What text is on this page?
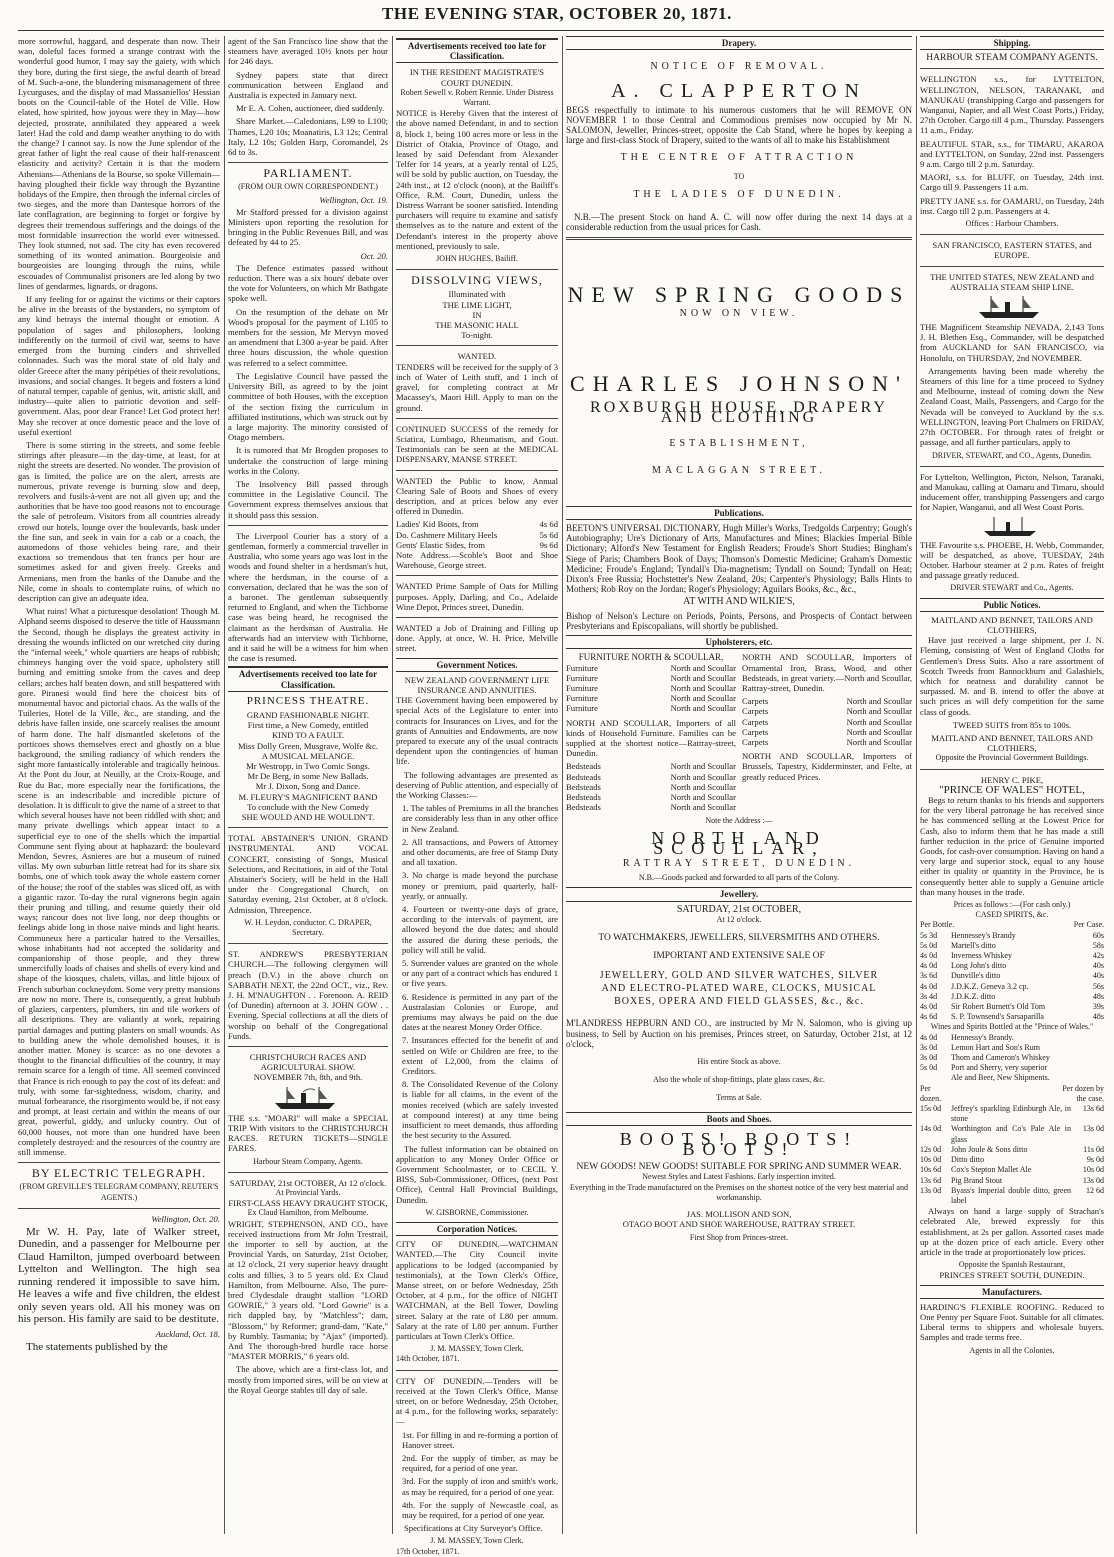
THE EVENING STAR, OCTOBER 20, 1871.

more sorrowful, haggard, and desperate than now. Their wan, doleful faces formed a strange contrast with the wonderful good humor, I may say the gaiety, with which they bore, during the first siege, the awful dearth of bread of M. Such-a-one, the blundering mismanagement of three Lycurguses, and the display of mad Massaniellos' Hessian boots on the Council-table of the Hotel de Ville. How elated, how spirited, how joyous were they in May—how dejected, prostrate, annihilated they appeared a week later! Had the cold and damp weather anything to do with the change? I cannot say. Is now the June splendor of the great father of light the real cause of their half-renascent elasticity and activity? Certain it is that the modern Athenians—Athenians de la Bourse, so spoke Villemain—having ploughed their fickle way through the Byzantine holidays of the Empire, then through the infernal circles of two sieges, and the more than Dantesque horrors of the late conflagration, are beginning to forget or forgive by degrees their tremendous sufferings and the doings of the most formidable insurrection the world ever witnessed. They look stunned, not sad. The city has even recovered something of its wonted animation. Bourgeoisie and bourgeoisies are lounging through the ruins, while escouades of Communalist prisoners are led along by two lines of gendarmes, lignards, or dragons.

If any feeling for or against the victims or their captors be alive in the breasts of the bystanders, no symptom of any kind betrays the internal thought or emotion. A population of sages and philosophers, looking indifferently on the turmoil of civil war, seems to have emerged from the burning cinders and shrivelled colonnades. Such was the moral state of old Italy and older Greece after the many péripéties of their revolutions, invasions, and social changes. It begets and fosters a kind of natural temper, capable of genius, wit, artistic skill, and industry—quite alien to patriotic devotion and self-government. Alas, poor dear France! Let God protect her! May she recover at once domestic peace and the love of useful exertion!

There is some stirring in the streets, and some feeble stirrings after pleasure—in the day-time, at least, for at night the streets are deserted. No wonder. The provision of gas is limited, the police are on the alert, arrests are numerous, private revenge is burning slow and deep, revolvers and fusils-à-vent are not all given up; and the authorities that be have too good reasons not to encourage the sale of petroleum. Visitors from all countries already crowd our hotels, lounge over the boulevards, bask under the fine sun, and seek in vain for a cab or a coach, the automedons of those vehicles being rare, and their exactions so tremendous that ten francs per hour are sometimes asked for and given freely. Greeks and Armenians, men from the banks of the Danube and the Nile, come in shoals to contemplate ruins, of which no description can give an adequate idea.

What ruins! What a picturesque desolation! Though M. Alphand seems disposed to deserve the title of Haussmann the Second, though he displays the greatest activity in dressing the wounds inflicted on our wretched city during the "infernal week," whole quartiers are heaps of rubbish; chimneys hanging over the void space, upholstery still burning and emitting smoke from the caves and deep cellars; arches half beaten down, and still bespattered with gore. Piranesi would find here the choicest bits of monumental havoc and pictorial chaos. As the walls of the Tuileries, Hotel de la Ville, &c., are standing, and the debris have fallen inside, one scarcely realises the amount of harm done. The half dismantled skeletons of the porticoes shows themselves erect and ghostly on a blue background, the smiling radiancy of which renders the sight more fantastically intolerable and tragically heinous. At the Pont du Jour, at Neuilly, at the Croix-Rouge, and Rue du Bac, more especially near the fortifications, the scene is an indescribable and incredible picture of desolation. It is difficult to give the name of a street to that which several houses have not been riddled with shot; and many private dwellings which appear intact to a superficial eye to one of the shells which the impartial Commune sent flying about at haphazard: the boulevard Mendon, Sevres, Asnieres are but a museum of ruined villas. My own suburban little retreat had for its share six bombs, one of which took away the whole eastern corner of the house; the roof of the stables was sliced off, as with a gigantic razor. To-day the rural vignerons begin again their pruning and tilling, and resume quietly their old ways; rancour does not live long, nor deep thoughts or feelings abide long in those naive minds and light hearts. Communeux here a particular hatred to the Versailles, whose inhabitants had not accepted the solidarity and companionship of those people, and they threw unmercifully loads of chaises and shells of every kind and shape of the kiosques, chalets, villas, and little bijoux of French suburban cockneydom. Some very pretty mansions are now no more. There is, consequently, a great hubbub of glaziers, carpenters, plumbers, tin and tile workers of all descriptions. They are valiantly at work, repairing partial damages and putting plasters on small wounds. As to building anew the whole demolished houses, it is another matter. Money is scarce: as no one devotes a thought to the financial difficulties of the country, it may remain scarce for a length of time. All seemed convinced that France is rich enough to pay the cost of its defeat: and truly, with some far-sightedness, wisdom, charity, and mutual forbearance, the risorgimento would be, if not easy and prompt, at least certain and within the means of our great, powerful, giddy, and unlucky country. Out of 60,000 houses, not more than one hundred have been completely destroyed: and the resources of the country are still immense.

BY ELECTRIC TELEGRAPH.
(FROM GREVILLE'S TELEGRAM COMPANY, REUTER'S AGENTS.)
Wellington, Oct. 20.

Mr W. H. Pay, late of Walker street, Dunedin, and a passenger for Melbourne per Claud Hamilton, jumped overboard between Lyttelton and Wellington. The high sea running rendered it impossible to save him. He leaves a wife and five children, the eldest only seven years old. All his money was on his person. His family are said to be destitute.

Auckland, Oct. 18.

The statements published by the

agent of the San Francisco line show that the steamers have averaged 10½ knots per hour for 246 days.

Sydney papers state that direct communication between England and Australia is expected in January next.

Mr E. A. Cohen, auctioneer, died suddenly.

Share Market.—Caledonians, L99 to L100; Thames, L20 10s; Moanatiris, L3 12s; Central Italy, L2 10s; Golden Harp, Coromandel, 2s 6d to 3s.

PARLIAMENT.
(FROM OUR OWN CORRESPONDENT.)
Wellington, Oct. 19.

Mr Stafford pressed for a division against Ministers upon reporting the resolution for bringing in the Public Revenues Bill, and was defeated by 44 to 25.

Oct. 20.

The Defence estimates passed without reduction. There was a six hours' debate over the vote for Volunteers, on which Mr Bathgate spoke well.

On the resumption of the debate on Mr Wood's proposal for the payment of L105 to members for the session, Mr Mervyn moved an amendment that L300 a-year be paid. After three hours discussion, the whole question was referred to a select committee.

The Legislative Council have passed the University Bill, as agreed to by the joint committee of both Houses, with the exception of the section fixing the curriculum in affiliated institutions, which was struck out by a large majority. The minority consisted of Otago members.

It is rumored that Mr Brogden proposes to undertake the construction of large mining works in the Colony.

The Insolvency Bill passed through committee in the Legislative Council. The Government express themselves anxious that it should pass this session.

The Liverpool Courier has a story of a gentleman, formerly a commercial traveller in Australia, who some years ago was lost in the woods and found shelter in a herdsman's hut, where the herdsman, in the course of a conversation, declared that he was the son of a baronet. The gentleman subsequently returned to England, and when the Tichborne case was being heard, he recognised the claimant as the herdsman of Australia. He afterwards had an interview with Tichborne, and it said he will be a witness for him when the case is resumed.

Advertisements received too late for Classification.
PRINCESS THEATRE.
GRAND FASHIONABLE NIGHT.
First time, a New Comedy, entitled
KIND TO A FAULT.
Miss Dolly Green, Musgrave, Wolfe &c.
A MUSICAL MELANGE.
Mr Westropp, in Two Comic Songs.
Mr De Berg, in some New Ballads.
Mr J. Dixon, Song and Dance.
M. FLEURY'S MAGNIFICENT BAND
To conclude with the New Comedy
SHE WOULD AND HE WOULDN'T.

TOTAL ABSTAINER'S UNION. GRAND INSTRUMENTAL AND VOCAL CONCERT, consisting of Songs, Musical Selections, and Recitations, in aid of the Total Abstainer's Society, will be held in the Hall under the Congregational Church, on Saturday evening, 21st October, at 8 o'clock. Admission, Threepence.

W. H. Leydon, conductor. C. DRAPER, Secretary.

ST. ANDREW'S PRESBYTERIAN CHURCH.—The following clergymen will preach (D.V.) in the above church on SABBATH NEXT, the 22nd OCT., viz., Rev. J. H. M'NAUGHTON . . Forenoon. A. REID (of Dunedin) afternoon at 3. JOHN GOW . . Evening. Special collections at all the diets of worship on behalf of the Congregational Funds.

CHRISTCHURCH RACES AND AGRICULTURAL SHOW.
NOVEMBER 7th, 8th, and 9th.

THE s.s. "MOARI" will make a SPECIAL TRIP With visitors to the CHRISTCHURCH RACES. RETURN TICKETS—SINGLE FARES.

Harbour Steam Company, Agents.
SATURDAY, 21st OCTOBER, At 12 o'clock.
At Provincial Yards.
FIRST-CLASS HEAVY DRAUGHT STOCK,
Ex Claud Hamilton, from Melbourne.

WRIGHT, STEPHENSON, AND CO., have received instructions from Mr John Trestrail, the importer to sell by auction, at the Provincial Yards, on Saturday, 21st October, at 12 o'clock, 21 very superior heavy draught colts and fillies, 3 to 5 years old. Ex Claud Hamilton, from Melbourne. Also, The pure-bred Clydesdale draught stallion "LORD GOWRIE," 3 years old. "Lord Gowrie" is a rich dappled bay, by "Matchless"; dam, "Blossom," by Reformer; grand-dam, "Kate," by Rumbly. Tasmania; by "Ajax" (imported). And The thorough-bred hurdle race horse "MASTER MORRIS," 6 years old.

The above, which are a first-class lot, and mostly from imported sires, will be on view at the Royal George stables till day of sale.

Advertisements received too late for Classification.
IN THE RESIDENT MAGISTRATE'S COURT DUNEDIN.
Robert Sewell v. Robert Rennie. Under Distress Warrant.

NOTICE is Hereby Given that the interest of the above named Defendant, in and to section 8, block 1, being 100 acres more or less in the District of Otakia, Province of Otago, and leased by said Defendant from Alexander Telfer for 14 years, at a yearly rental of L25, will be sold by public auction, on Tuesday, the 24th inst., at 12 o'clock (noon), at the Bailiff's Office, R.M. Court, Dunedin, unless the Distress Warrant be sooner satisfied. Intending purchasers will require to examine and satisfy themselves as to the nature and extent of the Defendant's interest in the property above mentioned, previously to sale.

JOHN HUGHES, Bailiff.
DISSOLVING VIEWS,
Illuminated with
THE LIME LIGHT,
IN
THE MASONIC HALL
To-night.
WANTED.

TENDERS will be received for the supply of 3 inch of Water of Leith stuff, and 1 inch of gravel, for completing contract at Mr Macassey's, Maori Hill. Apply to man on the ground.

CONTINUED SUCCESS of the remedy for Sciatica, Lumbago, Rheumatism, and Gout. Testimonials can be seen at the MEDICAL DISPENSARY, MANSE STREET.

WANTED the Public to know, Annual Clearing Sale of Boots and Shoes of every description, and at prices below any ever offered in Dunedin.

Ladies' Kid Boots, from	4s 6d
Do. Cashmere Military Heels	5s 6d
Gents' Elastic Sides, from	9s 6d

Note Address.—Scoble's Boot and Shoe Warehouse, George street.

WANTED Prime Sample of Oats for Milling purposes. Apply, Darling, and Co., Adelaide Wine Depot, Princes street, Dunedin.

WANTED a Job of Draining and Filling up done. Apply, at once, W. H. Price, Melville street.

Government Notices.
NEW ZEALAND GOVERNMENT LIFE INSURANCE AND ANNUITIES.

THE Government having been empowered by special Acts of the Legislature to enter into contracts for Insurances on Lives, and for the grants of Annuities and Endowments, are now prepared to execute any of the usual contracts dependent upon the contingencies of human life.

The following advantages are presented as deserving of Public attention, and especially of the Working Classes:—

1. The tables of Premiums in all the branches are considerably less than in any other office in New Zealand.

2. All transactions, and Powers of Attorney and other documents, are free of Stamp Duty and all taxation.

3. No charge is made beyond the purchase money or premium, paid quarterly, half-yearly, or annually.

4. Fourteen or twenty-one days of grace, according to the intervals of payment, are allowed beyond the due dates; and should the assured die during these periods, the policy will still be valid.

5. Surrender values are granted on the whole or any part of a contract which has endured 1 or five years.

6. Residence is permitted in any part of the Australasian Colonies or Europe, and premiums may always be paid on the due dates at the nearest Money Order Office.

7. Insurances effected for the benefit of and settled on Wife or Children are free, to the extent of L2,000, from the claims of Creditors.

8. The Consolidated Revenue of the Colony is liable for all claims, in the event of the monies received (which are safely invested at compound interest) at any time being insufficient to meet demands, thus affording the best security to the Assured.

The fullest information can be obtained on application to any Money Order Office or Government Schoolmaster, or to CECIL Y. BISS, Sub-Commissioner, Offices, (next Post Office), Central Hall Provincial Buildings, Dunedin.

W. GISBORNE, Commissioner.
Corporation Notices.

CITY OF DUNEDIN.—WATCHMAN WANTED.—The City Council invite applications to be lodged (accompanied by testimonials), at the Town Clerk's Office, Manse street, on or before Wednesday, 25th October, at 4 p.m., for the office of NIGHT WATCHMAN, at the Bell Tower, Dowling street. Salary at the rate of L80 per annum. Salary at the rate of L80 per annum. Further particulars at Town Clerk's Office.

J. M. MASSEY, Town Clerk.
14th October, 1871.

CITY OF DUNEDIN.—Tenders will be received at the Town Clerk's Office, Manse street, on or before Wednesday, 25th October, at 4 p.m., for the following works, separately:—

1st. For filling in and re-forming a portion of Hanover street.

2nd. For the supply of timber, as may be required, for a period of one year.

3rd. For the supply of iron and smith's work, as may be required, for a period of one year.

4th. For the supply of Newcastle coal, as may be required, for a period of one year.

Specifications at City Surveyor's Office.

J. M. MASSEY, Town Clerk.
17th October, 1871.
Drapery.
NOTICE OF REMOVAL.
A. CLAPPERTON

BEGS respectfully to intimate to his numerous customers that he will REMOVE ON NOVEMBER 1 to those Central and Commodious premises now occupied by Mr N. SALOMON, Jeweller, Princes-street, opposite the Cab Stand, where he hopes by keeping a large and first-class Stock of Drapery, suited to the wants of all to make his Establishment

THE CENTRE OF ATTRACTION
TO
THE LADIES OF DUNEDIN.

N.B.—The present Stock on hand A. C. will now offer during the next 14 days at a considerable reduction from the usual prices for Cash.

NEW SPRING GOODS
NOW ON VIEW.
CHARLES JOHNSON'
ROXBURGH HOUSE, DRAPERY AND CLOTHING
ESTABLISHMENT,
MACLAGGAN STREET.
Publications.

BEETON'S UNIVERSAL DICTIONARY, Hugh Miller's Works, Tredgolds Carpentry; Gough's Autobiography; Ure's Dictionary of Arts, Manufactures and Mines; Blackies Imperial Bible Dictionary; Alford's New Testament for English Readers; Froude's Short Studies; Bingham's Siege of Paris; Chambers Book of Days; Thomson's Domestic Medicine; Graham's Domestic Medicine; Froude's England; Tyndall's Dia-magnetism; Tyndall on Sound; Tyndall on Heat; Dixon's Free Russia; Hochstetter's New Zealand, 20s; Carpenter's Physiology; Balls Hints to Mothers; Rob Roy on the Jordan; Roget's Physiology; Aguilars Books, &c., &c.,

AT WITH AND WILKIE'S,

Bishop of Nelson's Lecture on Periods, Points, Persons, and Prospects of Contact between Presbyterians and Episcopalians, will shortly be published.

Upholsterers, etc.
FURNITURE NORTH & SCOULLAR,
Furniture	North and Scoullar
Furniture	North and Scoullar
Furniture	North and Scoullar
Furniture	North and Scoullar
Furniture	North and Scoullar

NORTH AND SCOULLAR, Importers of all kinds of Household Furniture. Families can be supplied at the shortest notice—Rattray-street, Dunedin.

Bedsteads	North and Scoullar
Bedsteads	North and Scoullar
Bedsteads	North and Scoullar
Bedsteads	North and Scoullar
Bedsteads	North and Scoullar

NORTH AND SCOULLAR, Importers of Ornamental Iron, Brass, Wood, and other Bedsteads, in great variety.—North and Scoullar, Rattray-street, Dunedin.

Carpets	North and Scoullar
Carpets	North and Scoullar
Carpets	North and Scoullar
Carpets	North and Scoullar
Carpets	North and Scoullar

NORTH AND SCOULLAR, Importers of Brussels, Tapestry, Kidderminster, and Felte, at greatly reduced Prices.

Note the Address :—
NORTH AND SCOULLAR,
RATTRAY STREET, DUNEDIN.
N.B.—Goods packed and forwarded to all parts of the Colony.
Jewellery.
SATURDAY, 21st OCTOBER,
At 12 o'clock.
TO WATCHMAKERS, JEWELLERS, SILVERSMITHS AND OTHERS.
IMPORTANT AND EXTENSIVE SALE OF
JEWELLERY, GOLD AND SILVER WATCHES, SILVER AND ELECTRO-PLATED WARE, CLOCKS, MUSICAL BOXES, OPERA AND FIELD GLASSES, &c., &c.

M'LANDRESS HEPBURN AND CO., are instructed by Mr N. Salomon, who is giving up business, to Sell by Auction on his premises, Princes street, on Saturday, October 21st, at 12 o'clock,

His entire Stock as above.
Also the whole of shop-fittings, plate glass cases, &c.
Terms at Sale.
Boots and Shoes.
BOOTS! BOOTS! BOOTS!
NEW GOODS! NEW GOODS! SUITABLE FOR SPRING AND SUMMER WEAR.
Newest Styles and Latest Fashions. Early inspection invited.
Everything in the Trade manufactured on the Premises on the shortest notice of the very best material and workmanship.
JAS. MOLLISON AND SON,
OTAGO BOOT AND SHOE WAREHOUSE, RATTRAY STREET.
First Shop from Princes-street.
Shipping.
HARBOUR STEAM COMPANY AGENTS.

WELLINGTON s.s., for LYTTELTON, WELLINGTON, NELSON, TARANAKI, and MANUKAU (transhipping Cargo and passengers for Wanganui, Napier, and all West Coast Ports,) Friday, 27th October. Cargo till 4 p.m., Thursday. Passengers 11 a.m., Friday.

BEAUTIFUL STAR, s.s., for TIMARU, AKAROA and LYTTELTON, on Sunday, 22nd inst. Passengers 9 a.m. Cargo till 2 p.m. Saturday.

MAORI, s.s. for BLUFF, on Tuesday, 24th inst. Cargo till 9. Passengers 11 a.m.

PRETTY JANE s.s. for OAMARU, on Tuesday, 24th inst. Cargo till 2 p.m. Passengers at 4.

Offices : Harbour Chambers.
SAN FRANCISCO, EASTERN STATES, and EUROPE.
THE UNITED STATES, NEW ZEALAND and AUSTRALIA STEAM SHIP LINE.

THE Magnificent Steamship NEVADA, 2,143 Tons J. H. Blethen Esq., Commander, will be despatched from AUCKLAND for SAN FRANCISCO, via Honolulu, on THURSDAY, 2nd NOVEMBER.

Arrangements having been made whereby the Steamers of this line for a time proceed to Sydney and Melbourne, instead of coming down the New Zealand Coast, Mails, Passengers, and Cargo for the Nevada will be conveyed to Auckland by the s.s. WELLINGTON, leaving Port Chalmers on FRIDAY, 27th OCTOBER. For through rates of freight or passage, and all further particulars, apply to

DRIVER, STEWART, and CO., Agents, Dunedin.

For Lyttelton, Wellington, Picton, Nelson, Taranaki, and Manukau, calling at Oamaru and Timaru, should inducement offer, transhipping Passengers and cargo for Napier, Wanganui, and all West Coast Ports.

THE Favourite s.s. PHOEBE, H. Webb, Commander, will be despatched, as above, TUESDAY, 24th October. Harbour steamer at 2 p.m. Rates of freight and passage greatly reduced.

DRIVER STEWART and Co., Agents.
Public Notices.
MAITLAND AND BENNET, TAILORS AND CLOTHIERS,

Have just received a large shipment, per J. N. Fleming, consisting of West of England Cloths for Gentlemen's Dress Suits. Also a rare assortment of Scotch Tweeds from Bannockburn and Galashiels, which for neatness and durability cannot be surpassed. M. and B. intend to offer the above at such prices as will defy competition for the same class of goods.

TWEED SUITS from 85s to 100s.
MAITLAND AND BENNET, TAILORS AND CLOTHIERS,
Opposite the Provincial Government Buildings.
HENRY C. PIKE,
"PRINCE OF WALES" HOTEL,

Begs to return thanks to his friends and supporters for the very liberal patronage he has received since he has commenced selling at the Lowest Price for Cash, also to inform them that he has made a still further reduction in the price of Genuine imported Goods, for cash-over consumption. Having on hand a very large and superior stock, equal to any house either in quality or quantity in the Province, he is consequently better able to supply a Genuine article than many houses in the trade.

Prices as follows :—(For cash only.)
CASED SPIRITS, &c.
Per Bottle.	Per Case.
5s 3d	Hennessey's Brandy	60s
5s 0d	Martell's ditto	58s
4s 0d	Inverness Whiskey	42s
4s 0d	Long John's ditto	40s
3s 6d	Dunville's ditto	40s
4s 0d	J.D.K.Z. Geneva 3.2 cp.	56s
3s 4d	J.D.K.Z. ditto	48s
4s 0d	Sir Robert Burnett's Old Tom	39s
4s 6d	S. P. Townsend's Sarsaparilla	48s
Wines and Spirits Bottled at the "Prince of Wales."
4s 0d	Hennessy's Brandy.
3s 0d	Lemon Hart and Son's Rum
3s 0d	Thom and Cameron's Whiskey
5s 0d	Port and Sherry, very superior
Ale and Beer, New Shipments.
Per	Per dozen by
dozen.	the case.
15s 0d	Jeffrey's sparkling Edinburgh Ale, in stone
13s 6d
14s 0d	Worthington and Co's Pale Ale in glass
13s 0d
12s 0d	John Joule & Sons ditto	11s 0d
10s 0d	Ditto ditto	9s 0d
10s 6d	Cox's Stepton Mallet Ale	10s 0d
13s 6d	Pig Brand Stout	13s 0d
13s 0d	Byass's Imperial double ditto, green label
12 6d

Always on hand a large supply of Strachan's celebrated Ale, brewed expressly for this establishment, at 2s per gallon. Assorted cases made up at the dozen price of each article. Every other article in the trade at proportionately low prices.

Opposite the Spanish Restaurant,
PRINCES STREET SOUTH, DUNEDIN.
Manufacturers.

HARDING'S FLEXIBLE ROOFING. Reduced to One Penny per Square Foot. Suitable for all climates. Liberal terms to shippers and wholesale buyers. Samples and trade terms free.

Agents in all the Colonies.
